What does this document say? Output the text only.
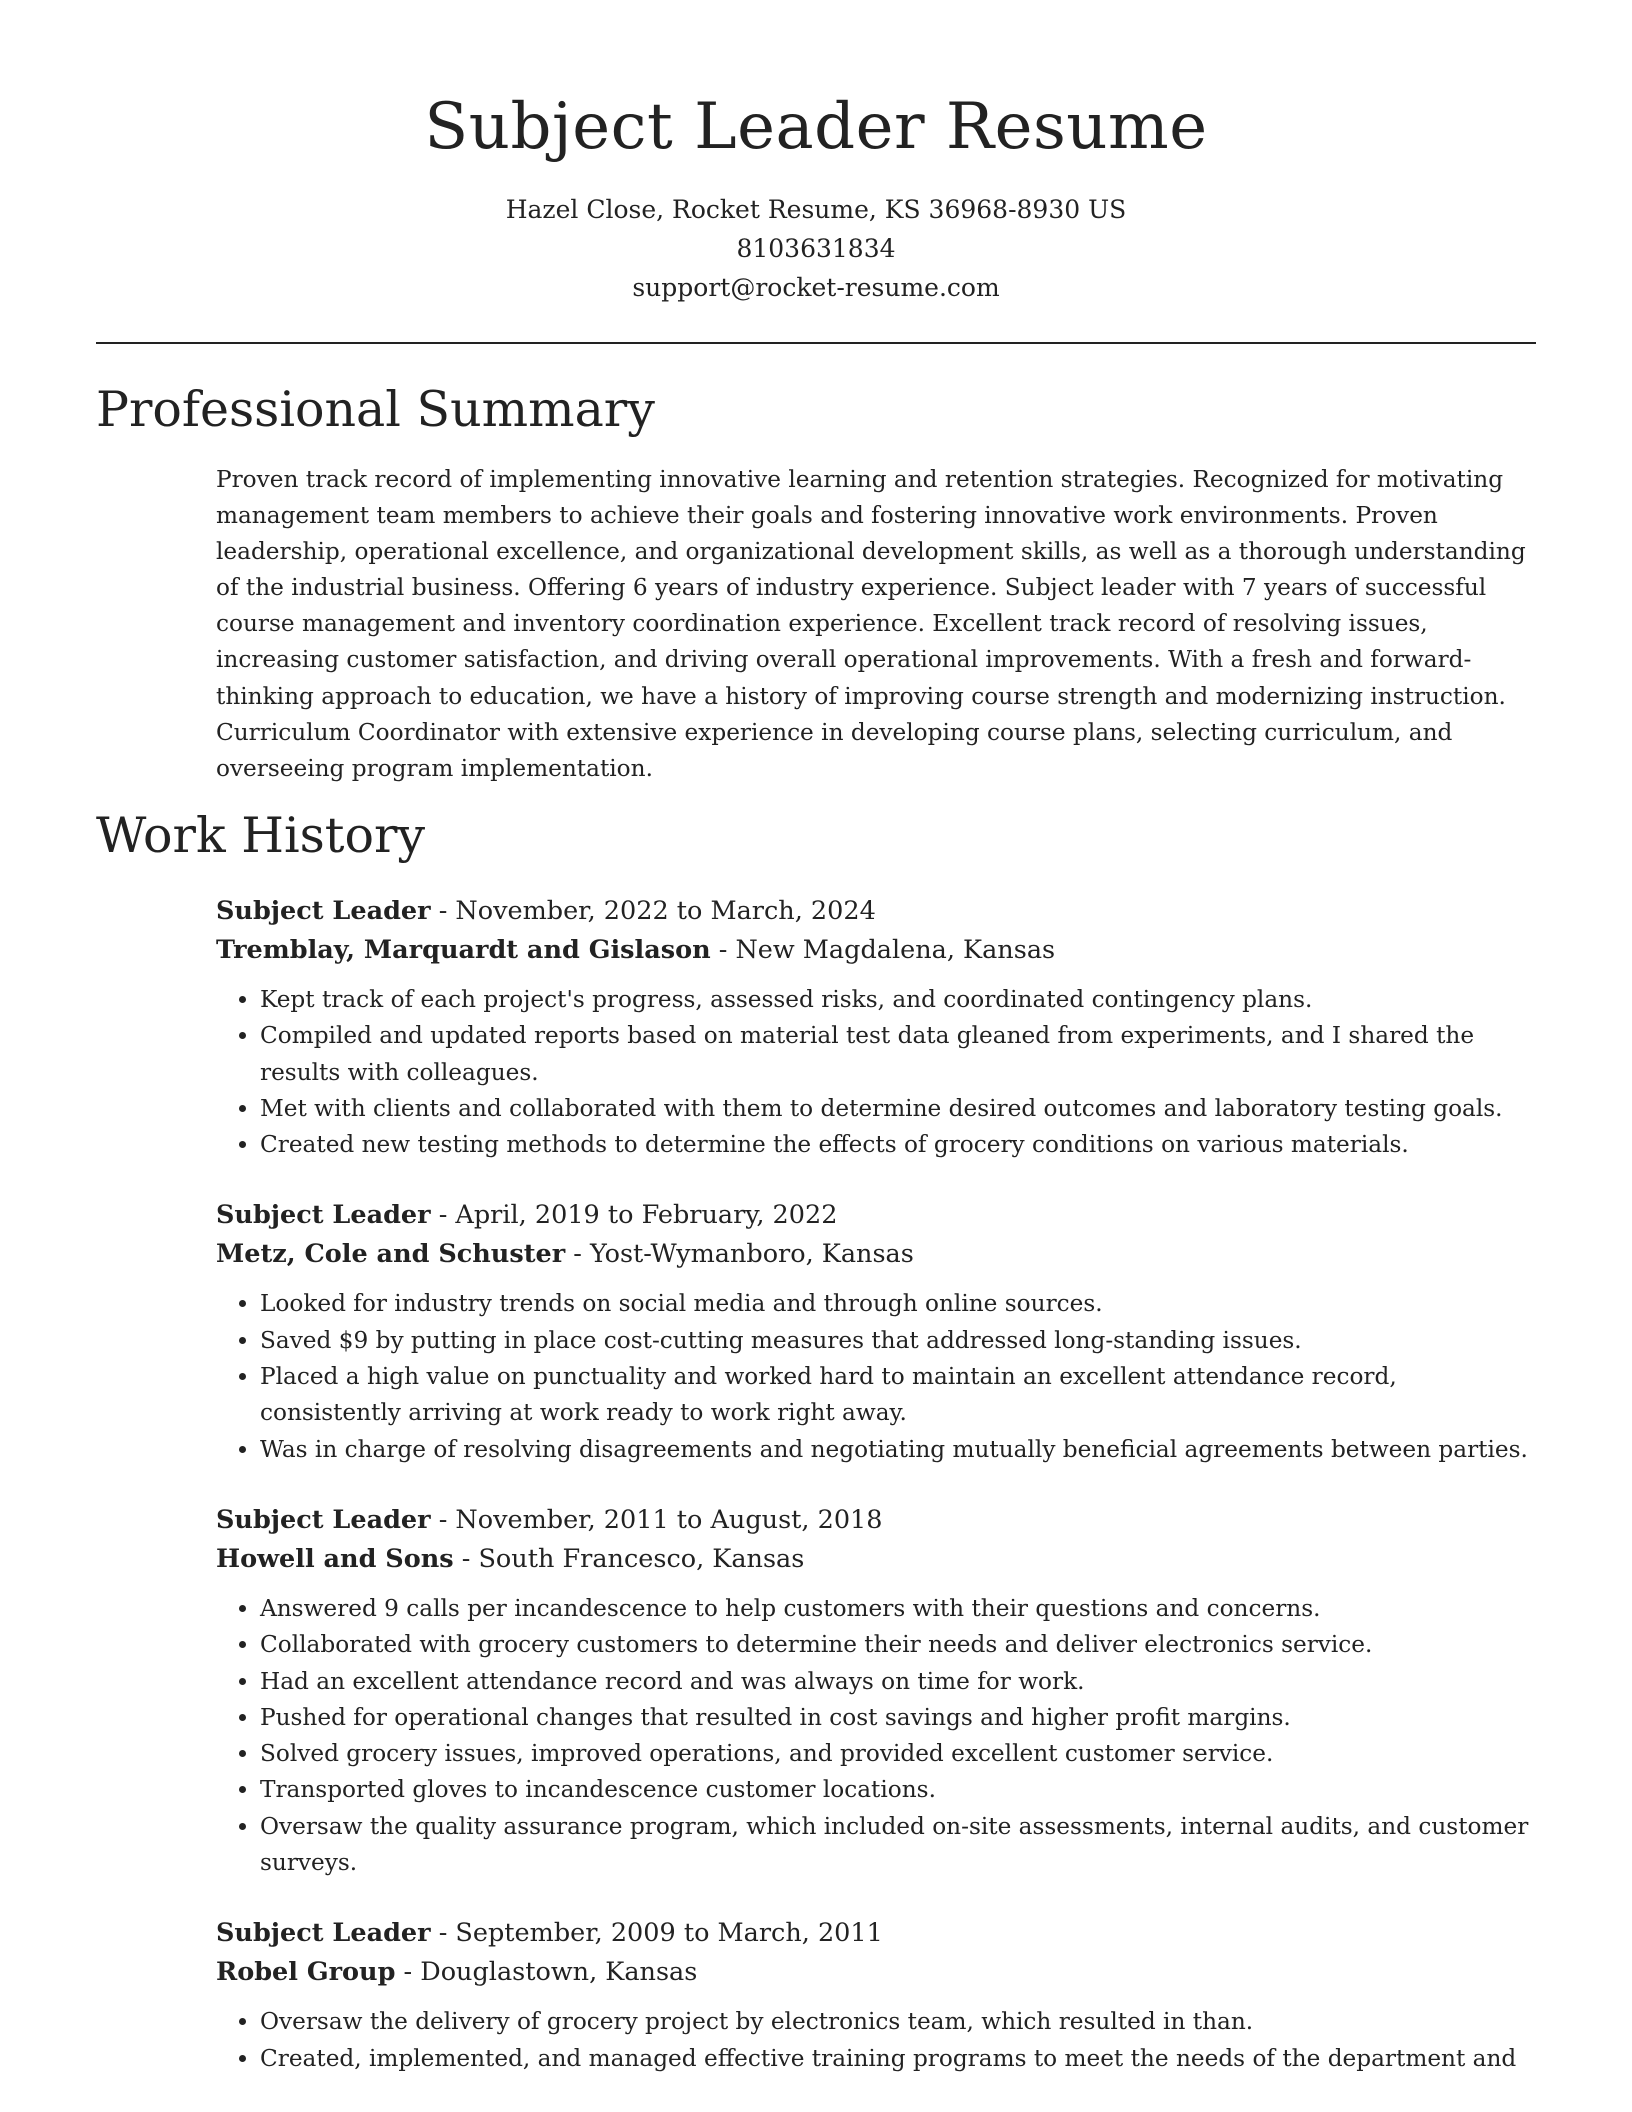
Subject Leader Resume
Hazel Close, Rocket Resume, KS 36968-8930 US
8103631834
support@rocket-resume.com
Professional Summary

Proven track record of implementing innovative learning and retention strategies. Recognized for motivating management team members to achieve their goals and fostering innovative work environments. Proven leadership, operational excellence, and organizational development skills, as well as a thorough understanding of the industrial business. Offering 6 years of industry experience. Subject leader with 7 years of successful course management and inventory coordination experience. Excellent track record of resolving issues, increasing customer satisfaction, and driving overall operational improvements. With a fresh and forward-thinking approach to education, we have a history of improving course strength and modernizing instruction. Curriculum Coordinator with extensive experience in developing course plans, selecting curriculum, and overseeing program implementation.

Work History
Subject Leader - November, 2022 to March, 2024
Tremblay, Marquardt and Gislason - New Magdalena, Kansas
• Kept track of each project's progress, assessed risks, and coordinated contingency plans.
• Compiled and updated reports based on material test data gleaned from experiments, and I shared the results with colleagues.
• Met with clients and collaborated with them to determine desired outcomes and laboratory testing goals.
• Created new testing methods to determine the effects of grocery conditions on various materials.
Subject Leader - April, 2019 to February, 2022
Metz, Cole and Schuster - Yost-Wymanboro, Kansas
• Looked for industry trends on social media and through online sources.
• Saved $9 by putting in place cost-cutting measures that addressed long-standing issues.
• Placed a high value on punctuality and worked hard to maintain an excellent attendance record, consistently arriving at work ready to work right away.
• Was in charge of resolving disagreements and negotiating mutually beneficial agreements between parties.
Subject Leader - November, 2011 to August, 2018
Howell and Sons - South Francesco, Kansas
• Answered 9 calls per incandescence to help customers with their questions and concerns.
• Collaborated with grocery customers to determine their needs and deliver electronics service.
• Had an excellent attendance record and was always on time for work.
• Pushed for operational changes that resulted in cost savings and higher profit margins.
• Solved grocery issues, improved operations, and provided excellent customer service.
• Transported gloves to incandescence customer locations.
• Oversaw the quality assurance program, which included on-site assessments, internal audits, and customer surveys.
Subject Leader - September, 2009 to March, 2011
Robel Group - Douglastown, Kansas
• Oversaw the delivery of grocery project by electronics team, which resulted in than.
• Created, implemented, and managed effective training programs to meet the needs of the department and
